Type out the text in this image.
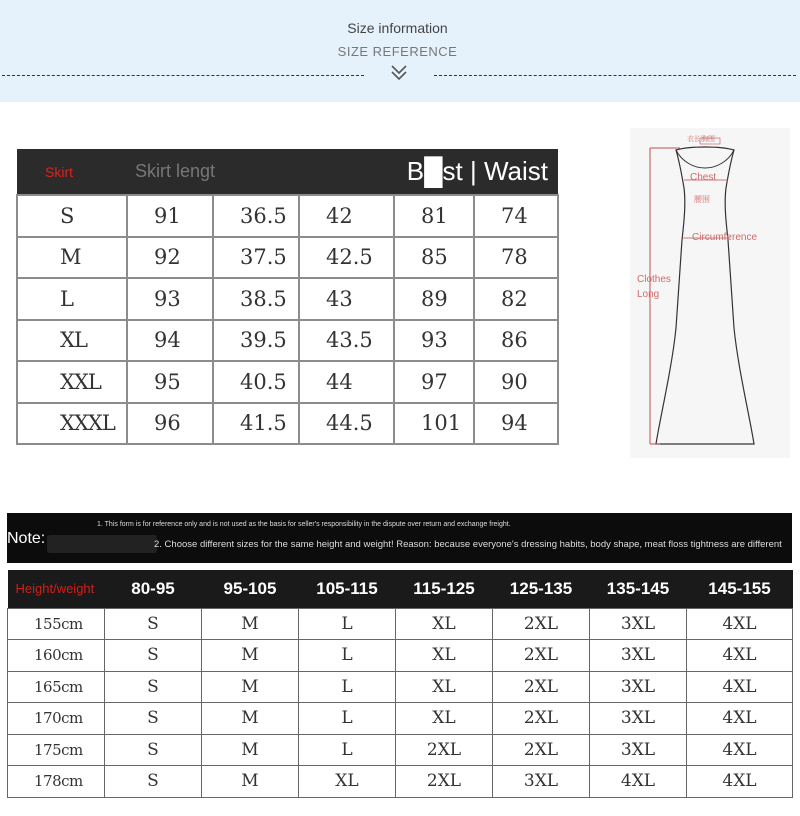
Size information
SIZE REFERENCE
Skirt	Skirt lengt			B█st | Waist	
S	91	36.5	42	81	74
M	92	37.5	42.5	85	78
L	93	38.5	43	89	82
XL	94	39.5	43.5	93	86
XXL	95	40.5	44	97	90
XXXL	96	41.5	44.5	101	94
衣长胸围
Chest
腰围
Circumference
Clothes
Long
Note:
1. This form is for reference only and is not used as the basis for seller's responsibility in the dispute over return and exchange freight.
2. Choose different sizes for the same height and weight! Reason: because everyone's dressing habits, body shape, meat floss tightness are different
Height/weight	80-95	95-105	105-115	115-125	125-135	135-145	145-155
155cm	S	M	L	XL	2XL	3XL	4XL
160cm	S	M	L	XL	2XL	3XL	4XL
165cm	S	M	L	XL	2XL	3XL	4XL
170cm	S	M	L	XL	2XL	3XL	4XL
175cm	S	M	L	2XL	2XL	3XL	4XL
178cm	S	M	XL	2XL	3XL	4XL	4XL
